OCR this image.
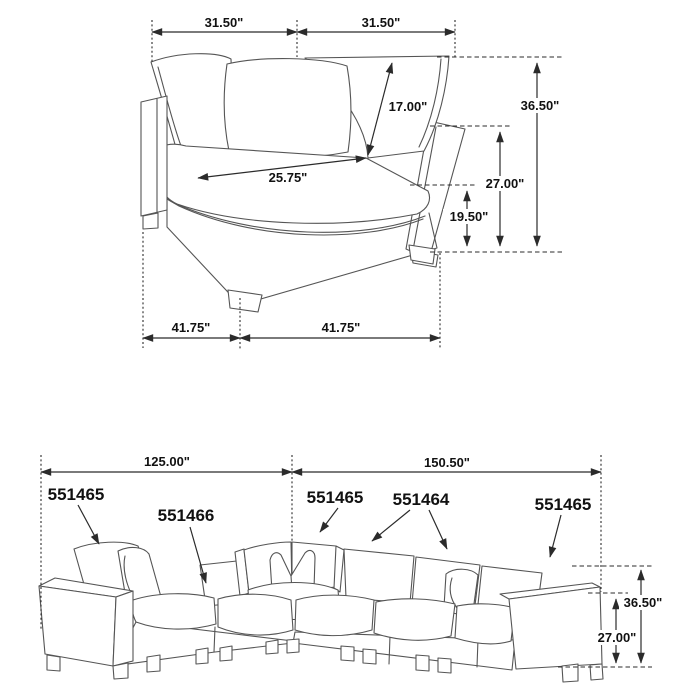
31.50"	31.50"
36.50"
27.00"
19.50"
17.00"
25.75"
41.75"	41.75"
125.00"	150.50"
36.50"
27.00"
551465
551466
551465 551464	551465
